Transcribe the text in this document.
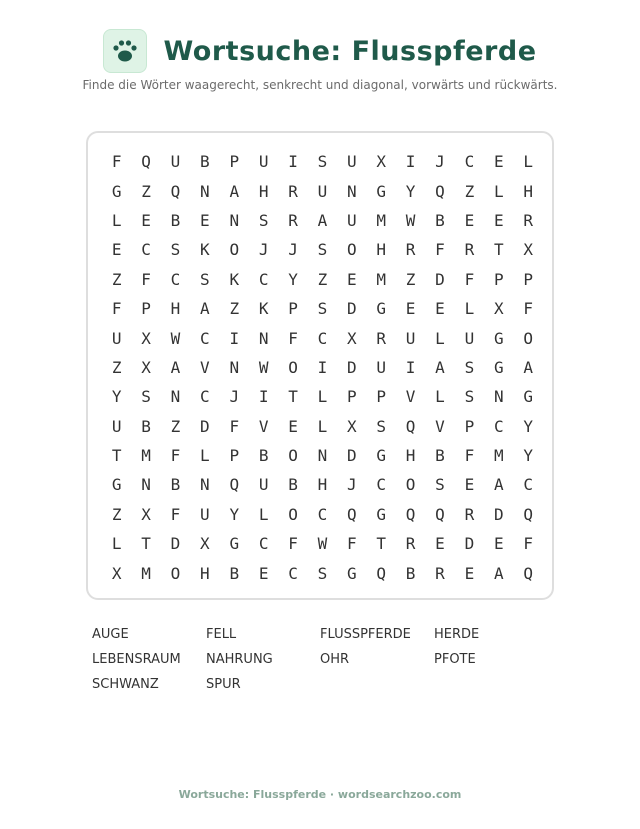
Wortsuche: Flusspferde
Finde die Wörter waagerecht, senkrecht und diagonal, vorwärts und rückwärts.
F	Q	U	B	P	U	I	S	U	X	I	J	C	E	L
G	Z	Q	N	A	H	R	U	N	G	Y	Q	Z	L	H
L	E	B	E	N	S	R	A	U	M	W	B	E	E	R
E	C	S	K	O	J	J	S	O	H	R	F	R	T	X
Z	F	C	S	K	C	Y	Z	E	M	Z	D	F	P	P
F	P	H	A	Z	K	P	S	D	G	E	E	L	X	F
U	X	W	C	I	N	F	C	X	R	U	L	U	G	O
Z	X	A	V	N	W	O	I	D	U	I	A	S	G	A
Y	S	N	C	J	I	T	L	P	P	V	L	S	N	G
U	B	Z	D	F	V	E	L	X	S	Q	V	P	C	Y
T	M	F	L	P	B	O	N	D	G	H	B	F	M	Y
G	N	B	N	Q	U	B	H	J	C	O	S	E	A	C
Z	X	F	U	Y	L	O	C	Q	G	Q	Q	R	D	Q
L	T	D	X	G	C	F	W	F	T	R	E	D	E	F
X	M	O	H	B	E	C	S	G	Q	B	R	E	A	Q
AUGE	FELL	FLUSSPFERDE	HERDE
LEBENSRAUM	NAHRUNG	OHR	PFOTE
SCHWANZ	SPUR
Wortsuche: Flusspferde · wordsearchzoo.com
